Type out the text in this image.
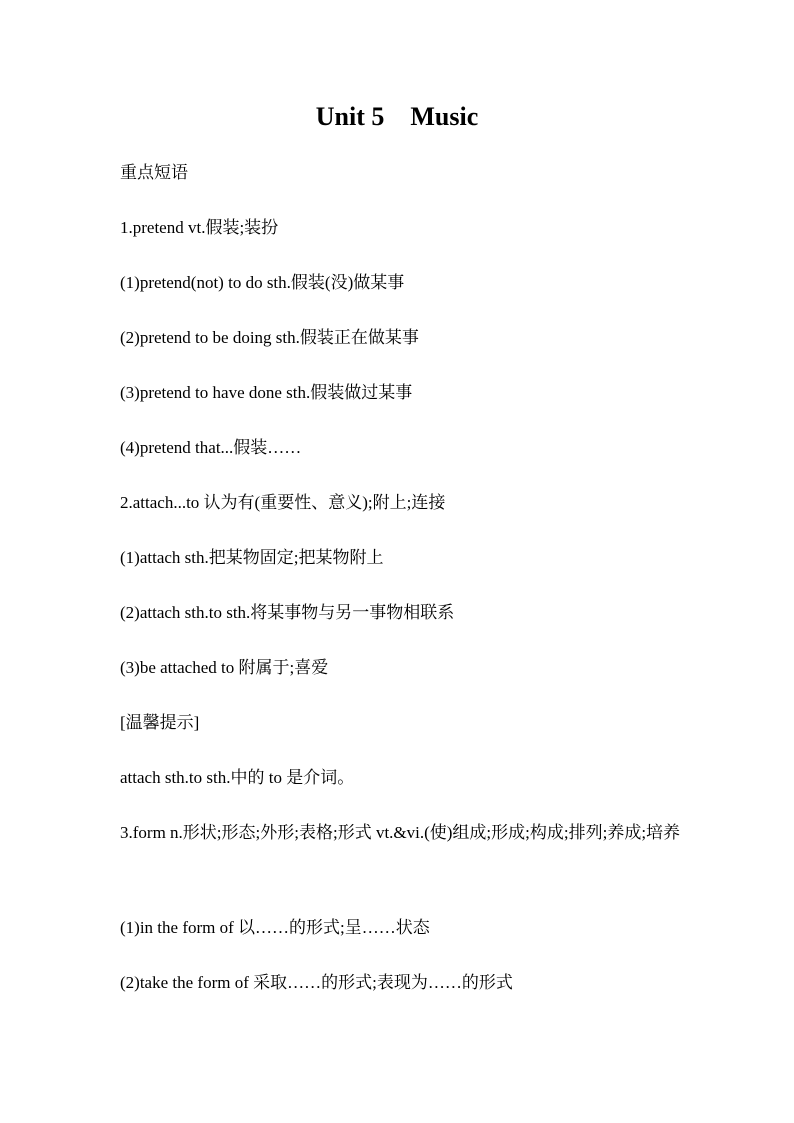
Unit 5    Music
重点短语
1.pretend vt.假装;装扮
(1)pretend(not) to do sth.假装(没)做某事
(2)pretend to be doing sth.假装正在做某事
(3)pretend to have done sth.假装做过某事
(4)pretend that...假装……
2.attach...to 认为有(重要性、意义);附上;连接
(1)attach sth.把某物固定;把某物附上
(2)attach sth.to sth.将某事物与另一事物相联系
(3)be attached to 附属于;喜爱
[温馨提示]
attach sth.to sth.中的 to 是介词。
3.form n.形状;形态;外形;表格;形式 vt.&vi.(使)组成;形成;构成;排列;养成;培养
(1)in the form of 以……的形式;呈……状态
(2)take the form of 采取……的形式;表现为……的形式
